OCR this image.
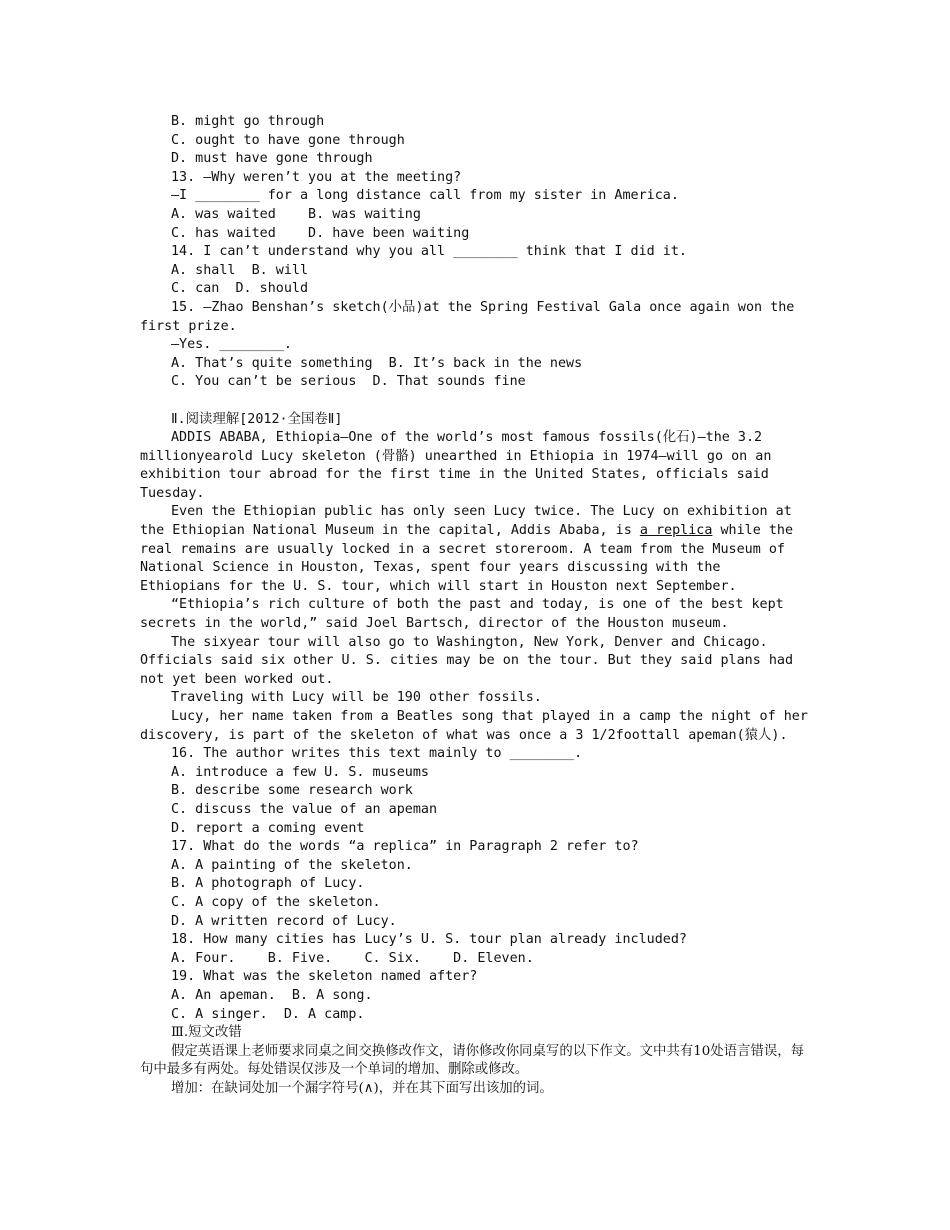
B. might go through
C. ought to have gone through
D. must have gone through
13. —Why weren’t you at the meeting?
—I ________ for a long distance call from my sister in America.
A. was waited    B. was waiting
C. has waited    D. have been waiting
14. I can’t understand why you all ________ think that I did it.
A. shall  B. will
C. can  D. should
15. —Zhao Benshan’s sketch(小品)at the Spring Festival Gala once again won the first prize.
—Yes. ________.
A. That’s quite something  B. It’s back in the news
C. You can’t be serious  D. That sounds fine
Ⅱ.阅读理解[2012·全国卷Ⅱ]
ADDIS ABABA, Ethiopia—One of the world’s most famous fossils(化石)—the 3.2 millionyearold Lucy skeleton (骨骼) unearthed in Ethiopia in 1974—will go on an exhibition tour abroad for the first time in the United States, officials said Tuesday.
Even the Ethiopian public has only seen Lucy twice. The Lucy on exhibition at the Ethiopian National Museum in the capital, Addis Ababa, is a replica while the real remains are usually locked in a secret storeroom. A team from the Museum of National Science in Houston, Texas, spent four years discussing with the Ethiopians for the U. S. tour, which will start in Houston next September.
“Ethiopia’s rich culture of both the past and today, is one of the best kept secrets in the world,” said Joel Bartsch, director of the Houston museum.
The sixyear tour will also go to Washington, New York, Denver and Chicago. Officials said six other U. S. cities may be on the tour. But they said plans had not yet been worked out.
Traveling with Lucy will be 190 other fossils.
Lucy, her name taken from a Beatles song that played in a camp the night of her discovery, is part of the skeleton of what was once a 3 1/2foottall apeman(猿人).
16. The author writes this text mainly to ________.
A. introduce a few U. S. museums
B. describe some research work
C. discuss the value of an apeman
D. report a coming event
17. What do the words “a replica” in Paragraph 2 refer to?
A. A painting of the skeleton.
B. A photograph of Lucy.
C. A copy of the skeleton.
D. A written record of Lucy.
18. How many cities has Lucy’s U. S. tour plan already included?
A. Four.    B. Five.    C. Six.    D. Eleven.
19. What was the skeleton named after?
A. An apeman.  B. A song.
C. A singer.  D. A camp.
Ⅲ.短文改错
假定英语课上老师要求同桌之间交换修改作文，请你修改你同桌写的以下作文。文中共有10处语言错误，每句中最多有两处。每处错误仅涉及一个单词的增加、删除或修改。
增加：在缺词处加一个漏字符号(∧)，并在其下面写出该加的词。
